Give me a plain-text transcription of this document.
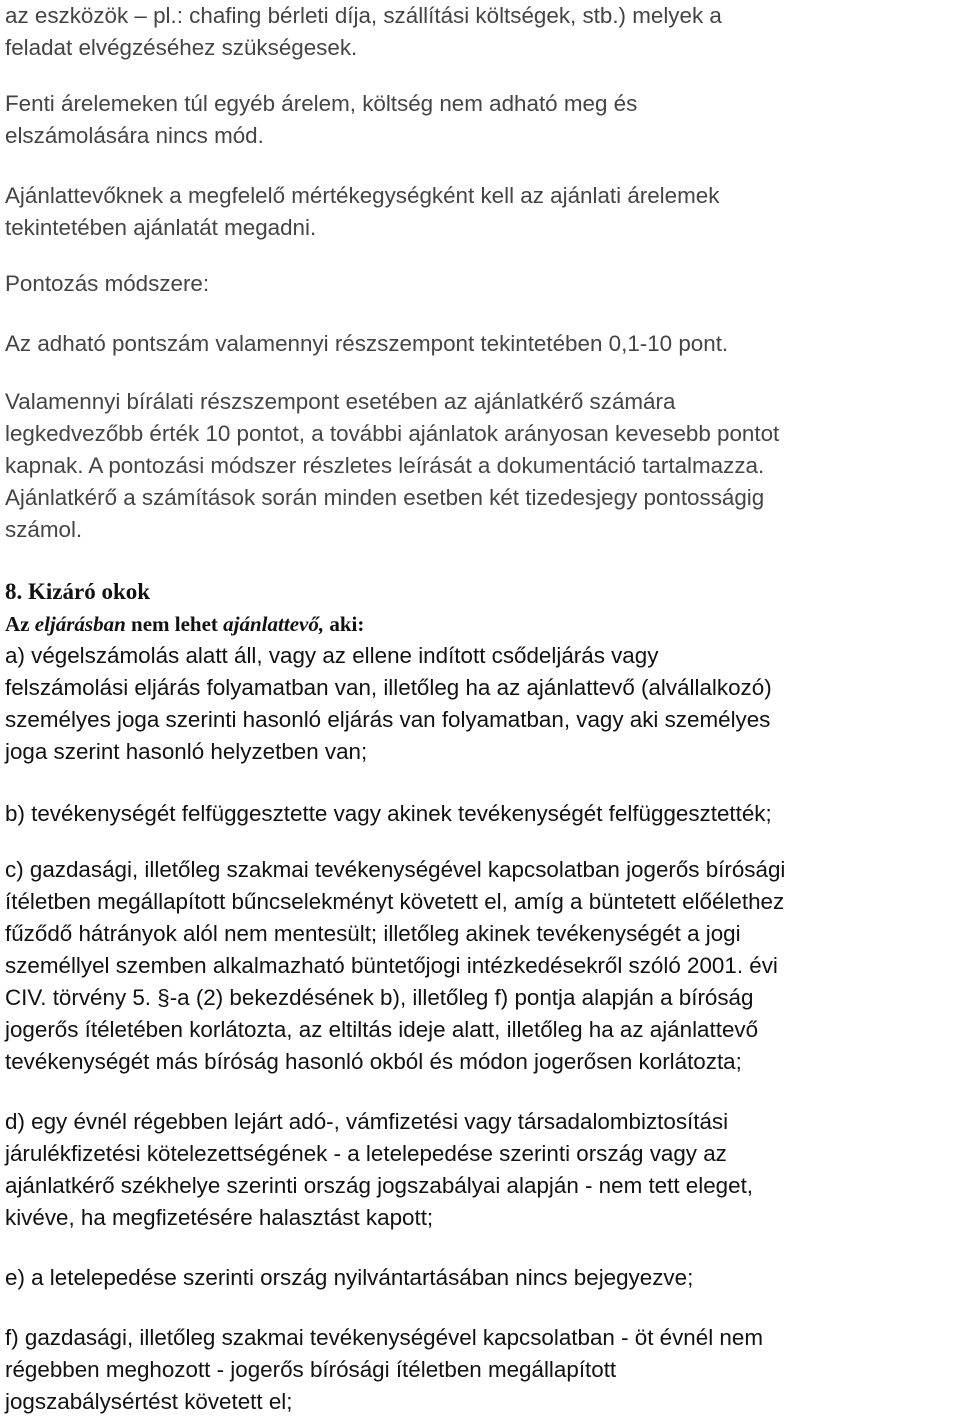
az eszközök – pl.: chafing bérleti díja, szállítási költségek, stb.) melyek a
feladat elvégzéséhez szükségesek.
Fenti árelemeken túl egyéb árelem, költség nem adható meg és
elszámolására nincs mód.
Ajánlattevőknek a megfelelő mértékegységként kell az ajánlati árelemek
tekintetében ajánlatát megadni.
Pontozás módszere:
Az adható pontszám valamennyi részszempont tekintetében 0,1-10 pont.
Valamennyi bírálati részszempont esetében az ajánlatkérő számára
legkedvezőbb érték 10 pontot, a további ajánlatok arányosan kevesebb pontot
kapnak. A pontozási módszer részletes leírását a dokumentáció tartalmazza.
Ajánlatkérő a számítások során minden esetben két tizedesjegy pontosságig
számol.
8. Kizáró okok
Az eljárásban nem lehet ajánlattevő, aki:
a) végelszámolás alatt áll, vagy az ellene indított csődeljárás vagy
felszámolási eljárás folyamatban van, illetőleg ha az ajánlattevő (alvállalkozó)
személyes joga szerinti hasonló eljárás van folyamatban, vagy aki személyes
joga szerint hasonló helyzetben van;
b) tevékenységét felfüggesztette vagy akinek tevékenységét felfüggesztették;
c) gazdasági, illetőleg szakmai tevékenységével kapcsolatban jogerős bírósági
ítéletben megállapított bűncselekményt követett el, amíg a büntetett előélethez
fűződő hátrányok alól nem mentesült; illetőleg akinek tevékenységét a jogi
személlyel szemben alkalmazható büntetőjogi intézkedésekről szóló 2001. évi
CIV. törvény 5. §-a (2) bekezdésének b), illetőleg f) pontja alapján a bíróság
jogerős ítéletében korlátozta, az eltiltás ideje alatt, illetőleg ha az ajánlattevő
tevékenységét más bíróság hasonló okból és módon jogerősen korlátozta;
d) egy évnél régebben lejárt adó-, vámfizetési vagy társadalombiztosítási
járulékfizetési kötelezettségének - a letelepedése szerinti ország vagy az
ajánlatkérő székhelye szerinti ország jogszabályai alapján - nem tett eleget,
kivéve, ha megfizetésére halasztást kapott;
e) a letelepedése szerinti ország nyilvántartásában nincs bejegyezve;
f) gazdasági, illetőleg szakmai tevékenységével kapcsolatban - öt évnél nem
régebben meghozott - jogerős bírósági ítéletben megállapított
jogszabálysértést követett el;
